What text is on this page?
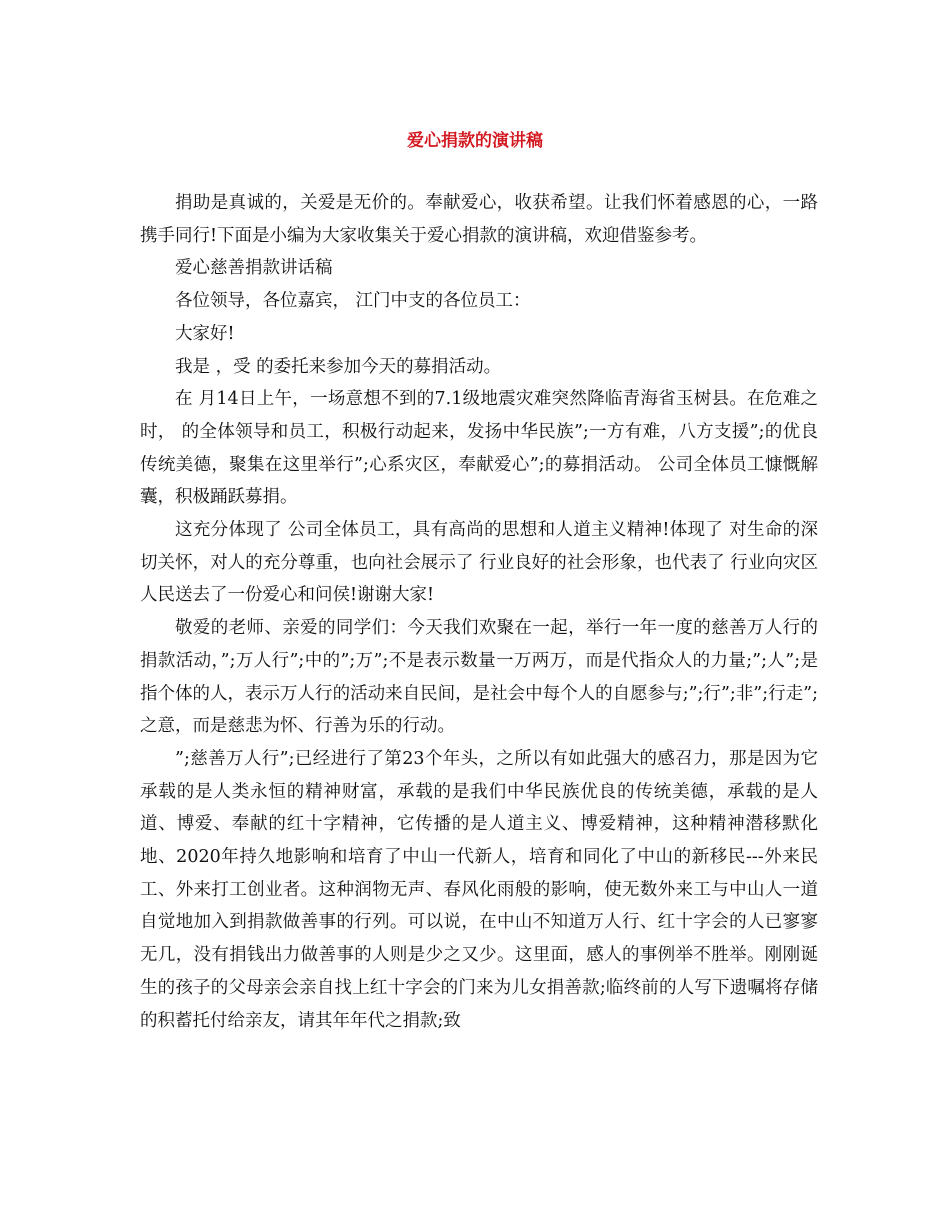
爱心捐款的演讲稿

捐助是真诚的，关爱是无价的。奉献爱心，收获希望。让我们怀着感恩的心，一路携手同行!下面是小编为大家收集关于爱心捐款的演讲稿，欢迎借鉴参考。

爱心慈善捐款讲话稿

各位领导，各位嘉宾， 江门中支的各位员工：

大家好!

我是 ，受 的委托来参加今天的募捐活动。

在 月14日上午，一场意想不到的7.1级地震灾难突然降临青海省玉树县。在危难之时， 的全体领导和员工，积极行动起来，发扬中华民族”;一方有难，八方支援”;的优良传统美德，聚集在这里举行”;心系灾区，奉献爱心”;的募捐活动。 公司全体员工慷慨解囊，积极踊跃募捐。

这充分体现了 公司全体员工，具有高尚的思想和人道主义精神!体现了 对生命的深切关怀，对人的充分尊重，也向社会展示了 行业良好的社会形象，也代表了 行业向灾区人民送去了一份爱心和问侯!谢谢大家!

敬爱的老师、亲爱的同学们：今天我们欢聚在一起，举行一年一度的慈善万人行的捐款活动，”;万人行”;中的”;万”;不是表示数量一万两万，而是代指众人的力量;”;人”;是指个体的人，表示万人行的活动来自民间，是社会中每个人的自愿参与;”;行”;非”;行走”;之意，而是慈悲为怀、行善为乐的行动。

”;慈善万人行”;已经进行了第23个年头，之所以有如此强大的感召力，那是因为它承载的是人类永恒的精神财富，承载的是我们中华民族优良的传统美德，承载的是人道、博爱、奉献的红十字精神，它传播的是人道主义、博爱精神，这种精神潜移默化地、2020年持久地影响和培育了中山一代新人，培育和同化了中山的新移民---外来民工、外来打工创业者。这种润物无声、春风化雨般的影响，使无数外来工与中山人一道自觉地加入到捐款做善事的行列。可以说，在中山不知道万人行、红十字会的人已寥寥无几，没有捐钱出力做善事的人则是少之又少。这里面，感人的事例举不胜举。刚刚诞生的孩子的父母亲会亲自找上红十字会的门来为儿女捐善款;临终前的人写下遗嘱将存储的积蓄托付给亲友，请其年年代之捐款;致
